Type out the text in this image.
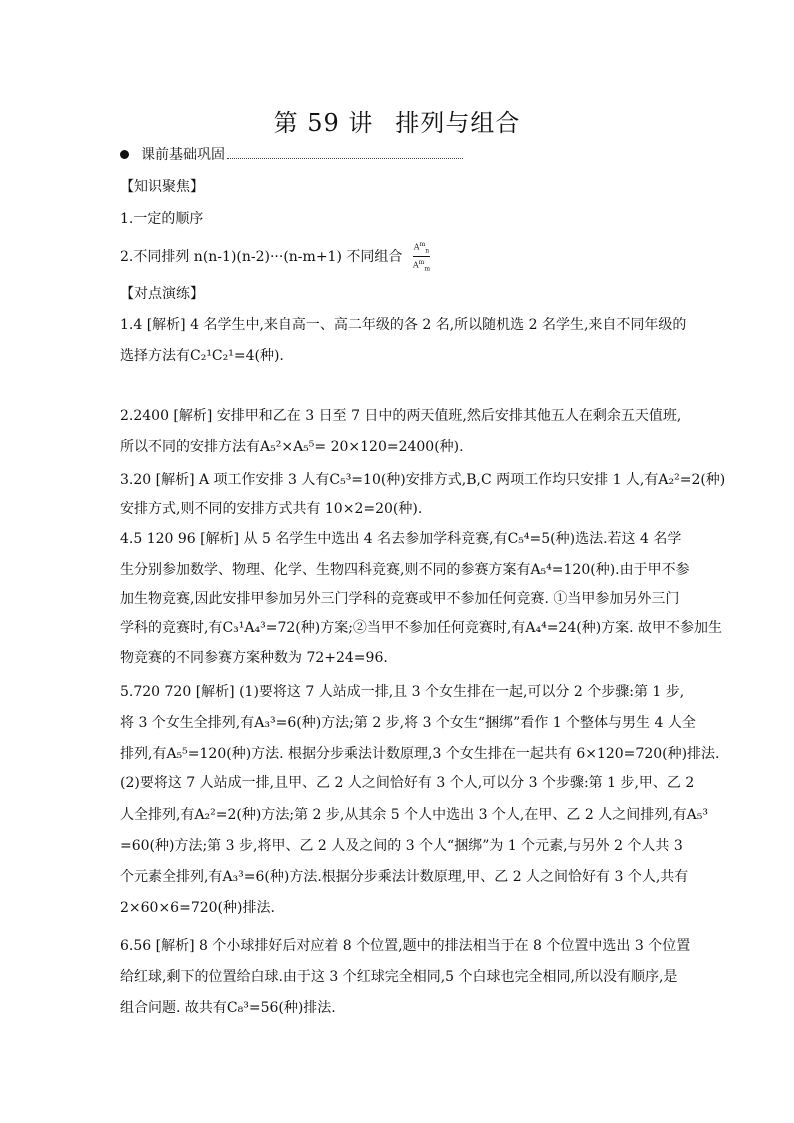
第 59 讲 排列与组合
课前基础巩固
【知识聚焦】
1.一定的顺序
2.不同排列 n(n-1)(n-2)···(n-m+1) 不同组合 $A^m_n$
$A^m_m$
【对点演练】
1.4 [解析] 4 名学生中,来自高一、高二年级的各 2 名,所以随机选 2 名学生,来自不同年级的
选择方法有C₂¹C₂¹=4(种).
2.2400 [解析] 安排甲和乙在 3 日至 7 日中的两天值班,然后安排其他五人在剩余五天值班,
所以不同的安排方法有A₅²×A₅⁵= 20×120=2400(种).
3.20 [解析] A 项工作安排 3 人有C₅³=10(种)安排方式,B,C 两项工作均只安排 1 人,有A₂²=2(种)
安排方式,则不同的安排方式共有 10×2=20(种).
4.5 120 96 [解析] 从 5 名学生中选出 4 名去参加学科竞赛,有C₅⁴=5(种)选法.若这 4 名学
生分别参加数学、物理、化学、生物四科竞赛,则不同的参赛方案有A₅⁴=120(种).由于甲不参
加生物竞赛,因此安排甲参加另外三门学科的竞赛或甲不参加任何竞赛. ①当甲参加另外三门
学科的竞赛时,有C₃¹A₄³=72(种)方案;②当甲不参加任何竞赛时,有A₄⁴=24(种)方案. 故甲不参加生
物竞赛的不同参赛方案种数为 72+24=96.
5.720 720 [解析] (1)要将这 7 人站成一排,且 3 个女生排在一起,可以分 2 个步骤:第 1 步,
将 3 个女生全排列,有A₃³=6(种)方法;第 2 步,将 3 个女生“捆绑”看作 1 个整体与男生 4 人全
排列,有A₅⁵=120(种)方法. 根据分步乘法计数原理,3 个女生排在一起共有 6×120=720(种)排法.
(2)要将这 7 人站成一排,且甲、乙 2 人之间恰好有 3 个人,可以分 3 个步骤:第 1 步,甲、乙 2
人全排列,有A₂²=2(种)方法;第 2 步,从其余 5 个人中选出 3 个人,在甲、乙 2 人之间排列,有A₅³
=60(种)方法;第 3 步,将甲、乙 2 人及之间的 3 个人“捆绑”为 1 个元素,与另外 2 个人共 3
个元素全排列,有A₃³=6(种)方法.根据分步乘法计数原理,甲、乙 2 人之间恰好有 3 个人,共有
2×60×6=720(种)排法.
6.56 [解析] 8 个小球排好后对应着 8 个位置,题中的排法相当于在 8 个位置中选出 3 个位置
给红球,剩下的位置给白球.由于这 3 个红球完全相同,5 个白球也完全相同,所以没有顺序,是
组合问题. 故共有C₈³=56(种)排法.
